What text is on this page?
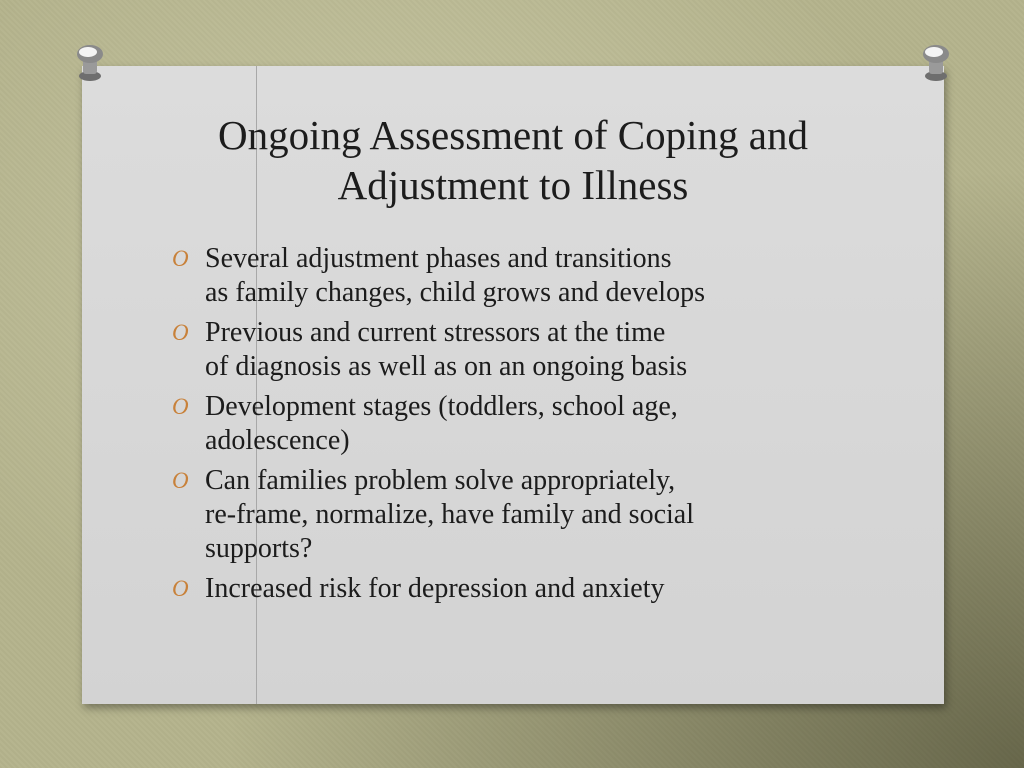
Ongoing Assessment of Coping and
Adjustment to Illness
O Several adjustment phases and transitions
as family changes, child grows and develops
O Previous and current stressors at the time
of diagnosis as well as on an ongoing basis
O Development stages (toddlers, school age,
adolescence)
O Can families problem solve appropriately,
re-frame, normalize, have family and social
supports?
O Increased risk for depression and anxiety
